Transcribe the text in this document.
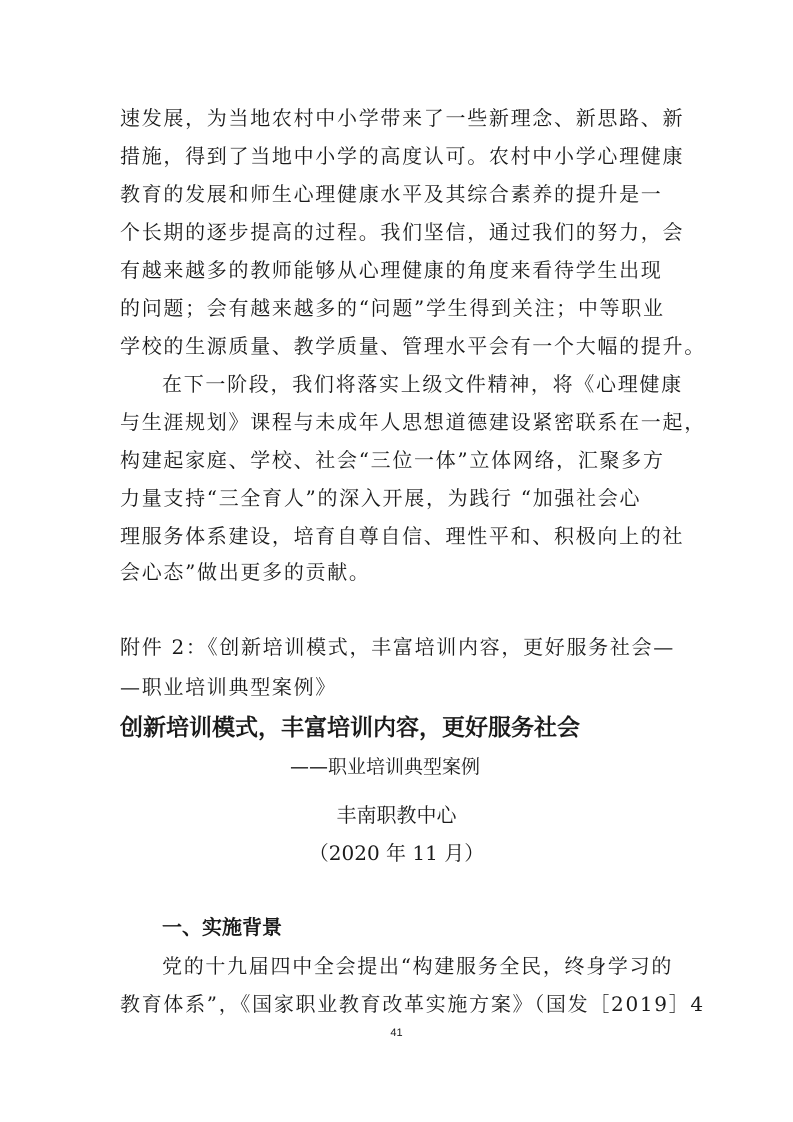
速发展，为当地农村中小学带来了一些新理念、新思路、新
措施，得到了当地中小学的高度认可。农村中小学心理健康
教育的发展和师生心理健康水平及其综合素养的提升是一
个长期的逐步提高的过程。我们坚信，通过我们的努力，会
有越来越多的教师能够从心理健康的角度来看待学生出现
的问题；会有越来越多的“问题”学生得到关注；中等职业
学校的生源质量、教学质量、管理水平会有一个大幅的提升。
在下一阶段，我们将落实上级文件精神，将《心理健康
与生涯规划》课程与未成年人思想道德建设紧密联系在一起，
构建起家庭、学校、社会“三位一体”立体网络，汇聚多方
力量支持“三全育人”的深入开展，为践行 “加强社会心
理服务体系建设，培育自尊自信、理性平和、积极向上的社
会心态”做出更多的贡献。
附件 2：《创新培训模式，丰富培训内容，更好服务社会—
—职业培训典型案例》
创新培训模式，丰富培训内容，更好服务社会
——职业培训典型案例
丰南职教中心
（2020 年 11 月）
一、实施背景
党的十九届四中全会提出“构建服务全民，终身学习的
教育体系”，《国家职业教育改革实施方案》（国发［2019］4
41
